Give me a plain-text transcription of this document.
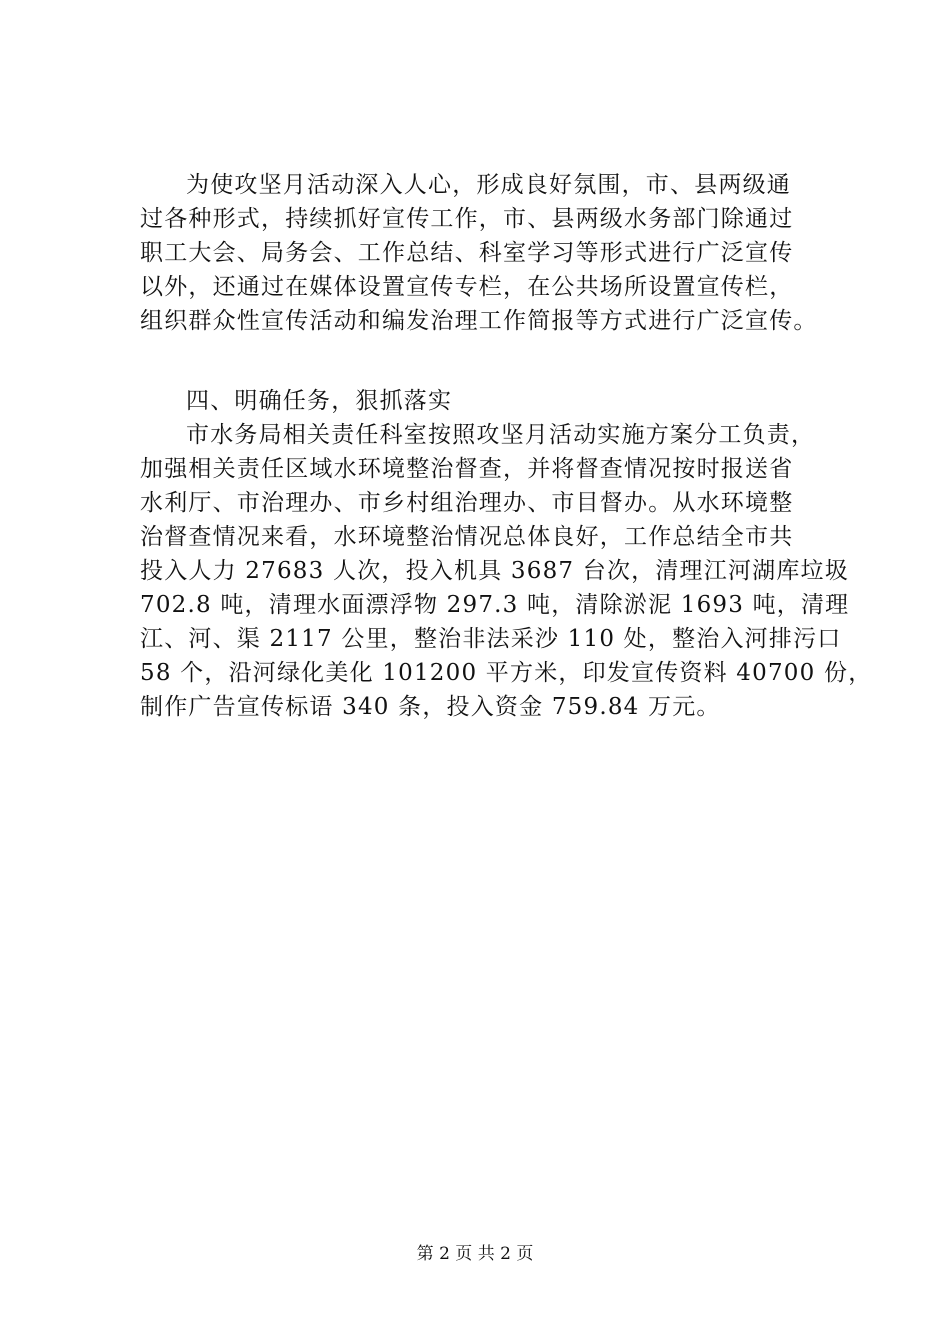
为使攻坚月活动深入人心，形成良好氛围，市、县两级通
过各种形式，持续抓好宣传工作，市、县两级水务部门除通过
职工大会、局务会、工作总结、科室学习等形式进行广泛宣传
以外，还通过在媒体设置宣传专栏，在公共场所设置宣传栏，
组织群众性宣传活动和编发治理工作简报等方式进行广泛宣传。
四、明确任务，狠抓落实
市水务局相关责任科室按照攻坚月活动实施方案分工负责，
加强相关责任区域水环境整治督查，并将督查情况按时报送省
水利厅、市治理办、市乡村组治理办、市目督办。从水环境整
治督查情况来看，水环境整治情况总体良好，工作总结全市共
投入人力 27683 人次，投入机具 3687 台次，清理江河湖库垃圾
702.8 吨，清理水面漂浮物 297.3 吨，清除淤泥 1693 吨，清理
江、河、渠 2117 公里，整治非法采沙 110 处，整治入河排污口
58 个，沿河绿化美化 101200 平方米，印发宣传资料 40700 份，
制作广告宣传标语 340 条，投入资金 759.84 万元。
第 2 页 共 2 页
